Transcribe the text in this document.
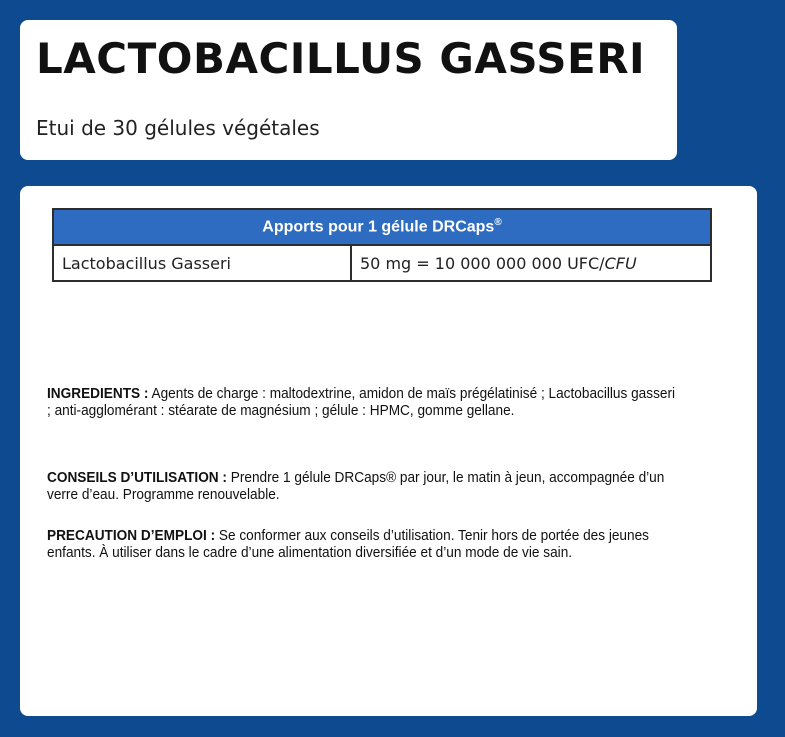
LACTOBACILLUS GASSERI
Etui de 30 gélules végétales
Apports pour 1 gélule DRCaps®
Lactobacillus Gasseri	50 mg = 10 000 000 000 UFC/CFU
INGREDIENTS : Agents de charge : maltodextrine, amidon de maïs prégélatinisé ; Lactobacillus gasseri ; anti-agglomérant : stéarate de magnésium ; gélule : HPMC, gomme gellane.
CONSEILS D’UTILISATION : Prendre 1 gélule DRCaps® par jour, le matin à jeun, accompagnée d’un verre d’eau. Programme renouvelable.
PRECAUTION D’EMPLOI : Se conformer aux conseils d’utilisation. Tenir hors de portée des jeunes enfants. À utiliser dans le cadre d’une alimentation diversifiée et d’un mode de vie sain.
